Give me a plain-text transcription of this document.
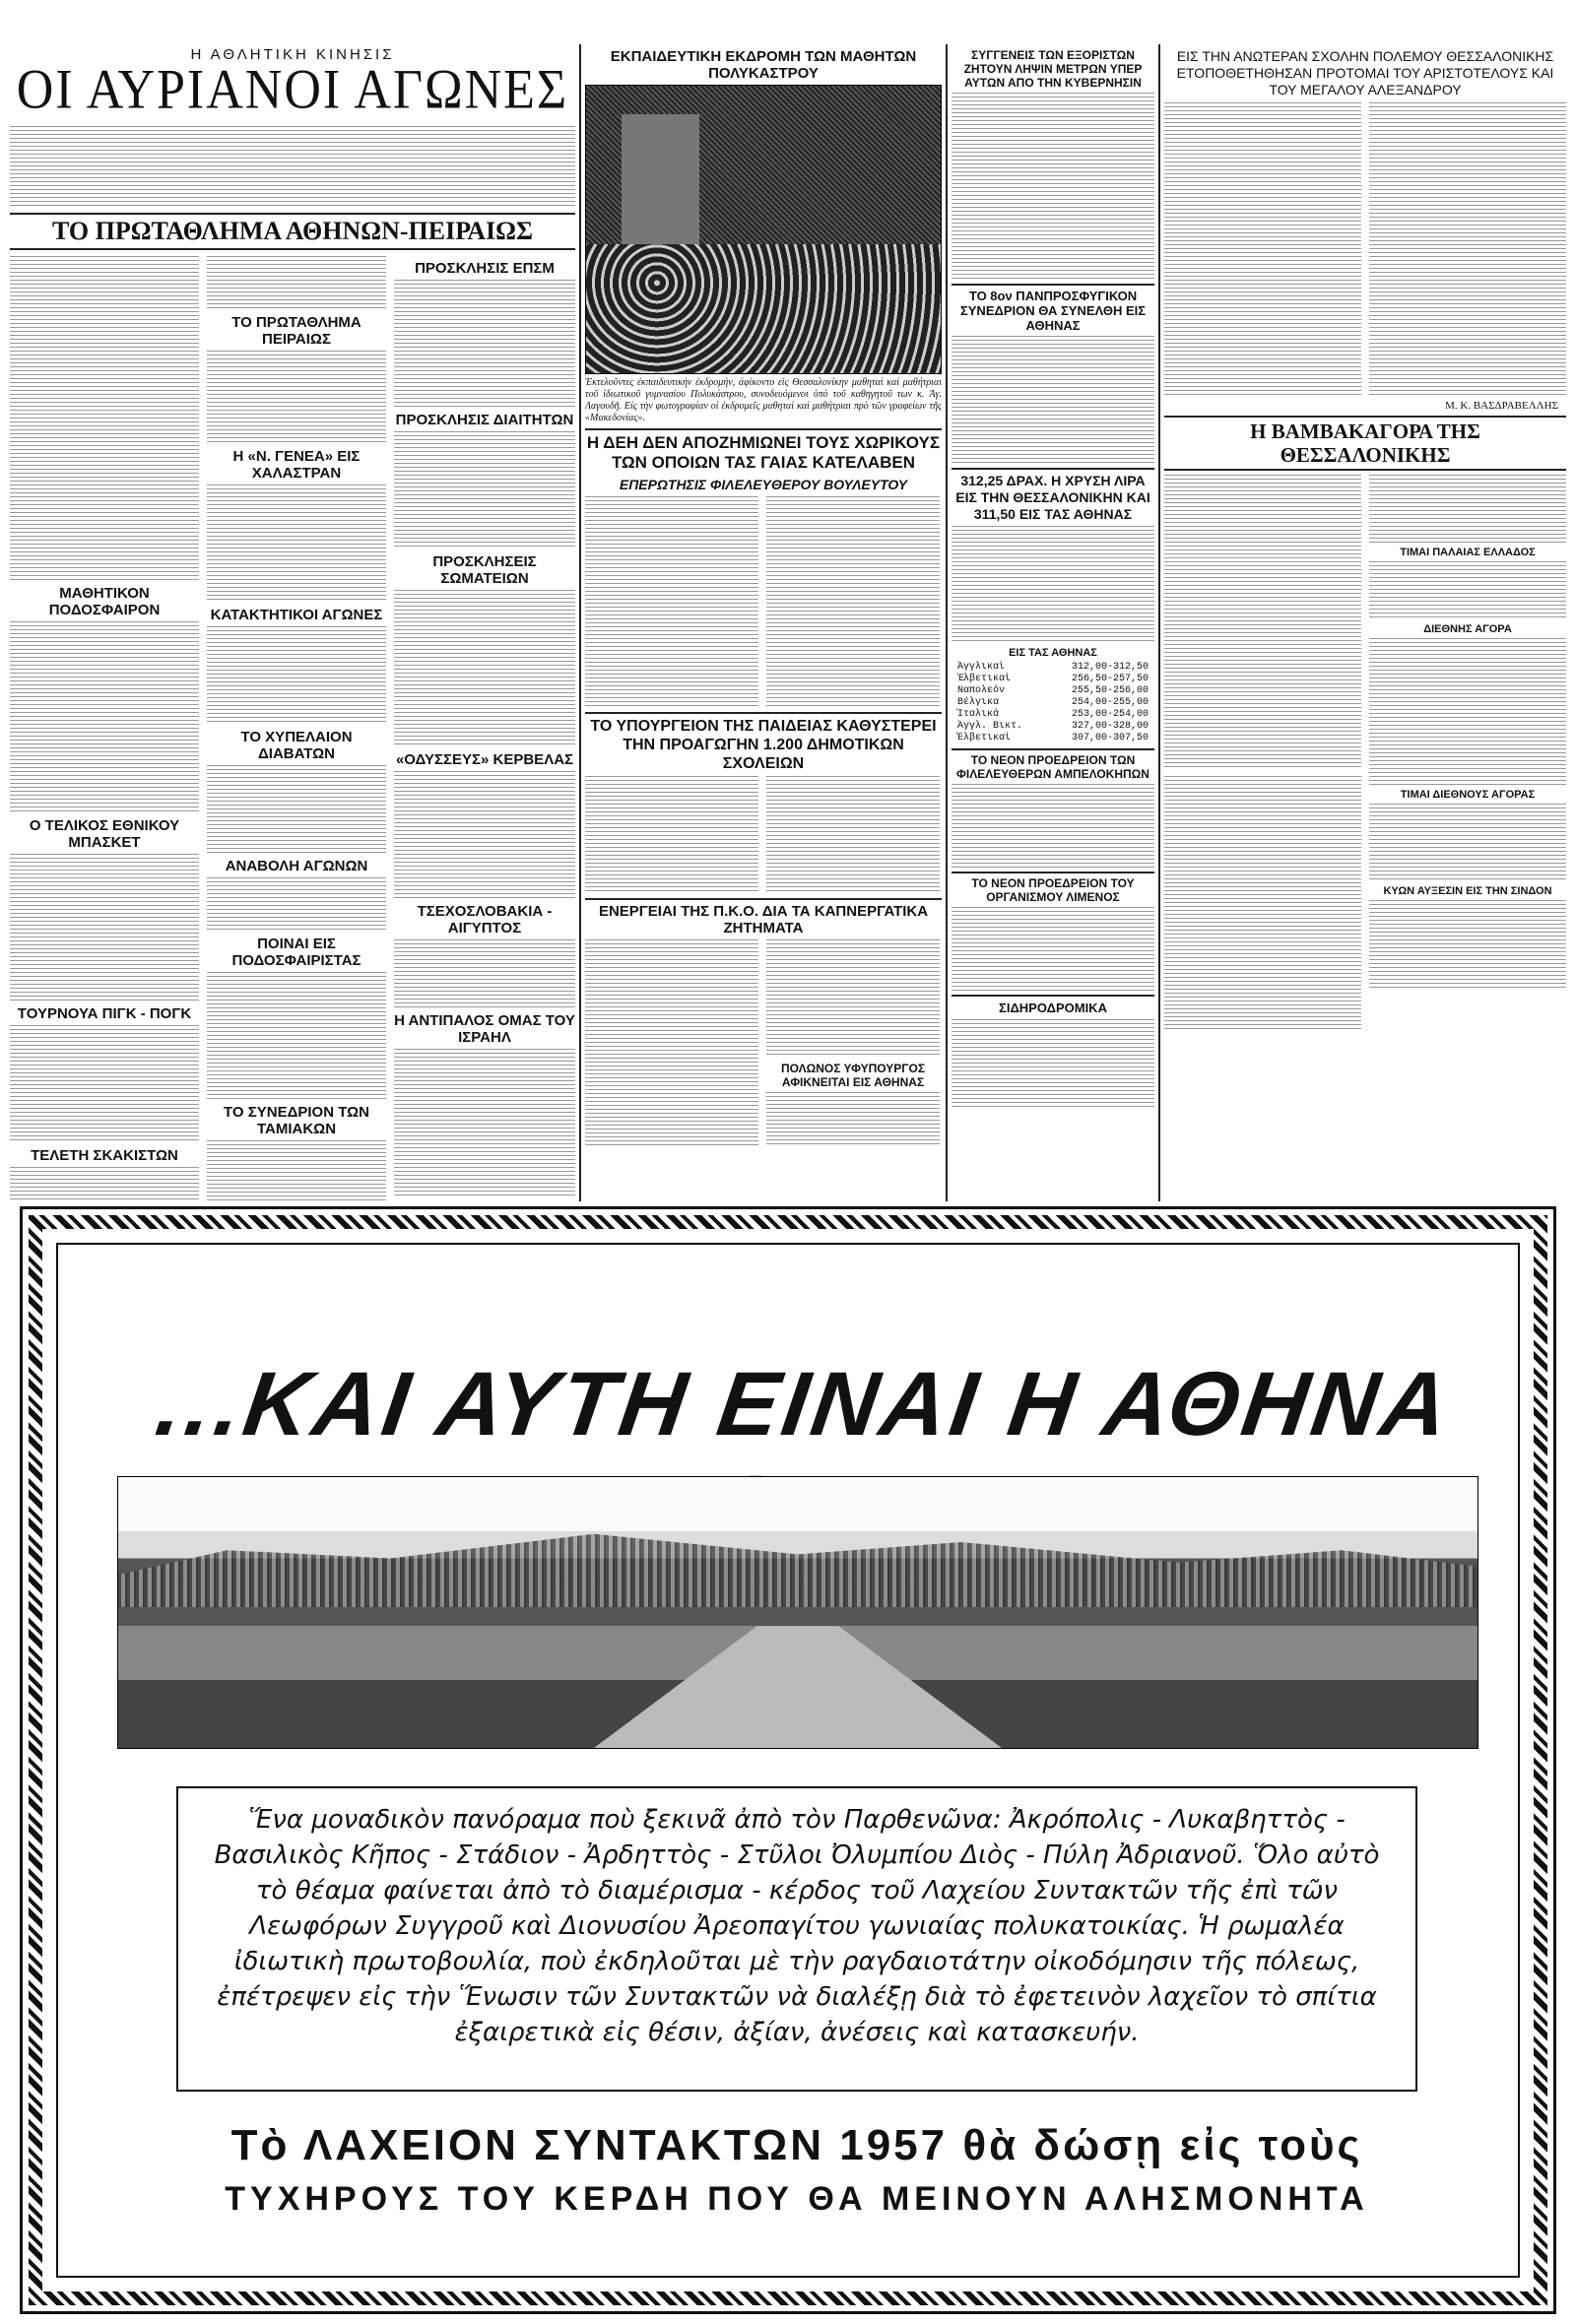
Η ΑΘΛΗΤΙΚΗ ΚΙΝΗΣΙΣ
ΟΙ ΑΥΡΙΑΝΟΙ ΑΓΩΝΕΣ
ΤΟ ΠΡΩΤΑΘΛΗΜΑ ΑΘΗΝΩΝ-ΠΕΙΡΑΙΩΣ
ΜΑΘΗΤΙΚΟΝ ΠΟΔΟΣΦΑΙΡΟΝ
Ο ΤΕΛΙΚΟΣ ΕΘΝΙΚΟΥ ΜΠΑΣΚΕΤ
ΤΟΥΡΝΟΥΑ ΠΙΓΚ - ΠΟΓΚ
ΤΕΛΕΤΗ ΣΚΑΚΙΣΤΩΝ
ΤΟ ΠΡΩΤΑΘΛΗΜΑ ΠΕΙΡΑΙΩΣ
Η «Ν. ΓΕΝΕΑ» ΕΙΣ ΧΑΛΑΣΤΡΑΝ
ΚΑΤΑΚΤΗΤΙΚΟΙ ΑΓΩΝΕΣ
ΤΟ ΧΥΠΕΛΑΙΟΝ ΔΙΑΒΑΤΩΝ
ΑΝΑΒΟΛΗ ΑΓΩΝΩΝ
ΠΟΙΝΑΙ ΕΙΣ ΠΟΔΟΣΦΑΙΡΙΣΤΑΣ
ΤΟ ΣΥΝΕΔΡΙΟΝ ΤΩΝ ΤΑΜΙΑΚΩΝ
ΠΡΟΣΚΛΗΣΙΣ ΕΠΣΜ
ΠΡΟΣΚΛΗΣΙΣ ΔΙΑΙΤΗΤΩΝ
ΠΡΟΣΚΛΗΣΕΙΣ ΣΩΜΑΤΕΙΩΝ
«ΟΔΥΣΣΕΥΣ» ΚΕΡΒΕΛΑΣ
ΤΣΕΧΟΣΛΟΒΑΚΙΑ - ΑΙΓΥΠΤΟΣ
Η ΑΝΤΙΠΑΛΟΣ ΟΜΑΣ ΤΟΥ ΙΣΡΑΗΛ
ΕΚΠΑΙΔΕΥΤΙΚΗ ΕΚΔΡΟΜΗ ΤΩΝ ΜΑΘΗΤΩΝ ΠΟΛΥΚΑΣΤΡΟΥ
Ἐκτελοῦντες ἐκπαιδευτικὴν ἐκδρομήν, ἀφίκοντο εἰς Θεσσαλονίκην μαθηταὶ καὶ μαθήτριαι τοῦ ἰδιωτικοῦ γυμνασίου Πολυκάστρου, συνοδευόμενοι ὑπὸ τοῦ καθηγητοῦ των κ. Ἀγ. Λαγουδῆ. Εἰς τὴν φωτογραφίαν οἱ ἐκδρομεῖς μαθηταὶ καὶ μαθήτριαι πρὸ τῶν γραφείων τῆς «Μακεδονίας».
Η ΔΕΗ ΔΕΝ ΑΠΟΖΗΜΙΩΝΕΙ ΤΟΥΣ ΧΩΡΙΚΟΥΣ ΤΩΝ ΟΠΟΙΩΝ ΤΑΣ ΓΑΙΑΣ ΚΑΤΕΛΑΒΕΝ
ΕΠΕΡΩΤΗΣΙΣ ΦΙΛΕΛΕΥΘΕΡΟΥ ΒΟΥΛΕΥΤΟΥ
ΤΟ ΥΠΟΥΡΓΕΙΟΝ ΤΗΣ ΠΑΙΔΕΙΑΣ ΚΑΘΥΣΤΕΡΕΙ ΤΗΝ ΠΡΟΑΓΩΓΗΝ 1.200 ΔΗΜΟΤΙΚΩΝ ΣΧΟΛΕΙΩΝ
ΕΝΕΡΓΕΙΑΙ ΤΗΣ Π.Κ.Ο. ΔΙΑ ΤΑ ΚΑΠΝΕΡΓΑΤΙΚΑ ΖΗΤΗΜΑΤΑ
ΠΟΛΩΝΟΣ ΥΦΥΠΟΥΡΓΟΣ ΑΦΙΚΝΕΙΤΑΙ ΕΙΣ ΑΘΗΝΑΣ
ΣΥΓΓΕΝΕΙΣ ΤΩΝ ΕΞΟΡΙΣΤΩΝ ΖΗΤΟΥΝ ΛΗΨΙΝ ΜΕΤΡΩΝ ΥΠΕΡ ΑΥΤΩΝ ΑΠΟ ΤΗΝ ΚΥΒΕΡΝΗΣΙΝ
ΤΟ 8ον ΠΑΝΠΡΟΣΦΥΓΙΚΟΝ ΣΥΝΕΔΡΙΟΝ ΘΑ ΣΥΝΕΛΘΗ ΕΙΣ ΑΘΗΝΑΣ
312,25 ΔΡΑΧ. Η ΧΡΥΣΗ ΛΙΡΑ ΕΙΣ ΤΗΝ ΘΕΣΣΑΛΟΝΙΚΗΝ ΚΑΙ 311,50 ΕΙΣ ΤΑΣ ΑΘΗΝΑΣ
ΕΙΣ ΤΑΣ ΑΘΗΝΑΣ
Ἀγγλικαὶ	312,00-312,50
Ἑλβετικαὶ	256,50-257,50
Ναπολεόν	255,50-256,00
Βέλγικα	254,00-255,00
Ἰταλικά	253,00-254,00
Ἀγγλ. Βικτ.	327,00-328,00
Ἐλβετικαὶ	307,00-307,50
ΤΟ ΝΕΟΝ ΠΡΟΕΔΡΕΙΟΝ ΤΩΝ ΦΙΛΕΛΕΥΘΕΡΩΝ ΑΜΠΕΛΟΚΗΠΩΝ
ΤΟ ΝΕΟΝ ΠΡΟΕΔΡΕΙΟΝ ΤΟΥ ΟΡΓΑΝΙΣΜΟΥ ΛΙΜΕΝΟΣ
ΣΙΔΗΡΟΔΡΟΜΙΚΑ
ΕΙΣ ΤΗΝ ΑΝΩΤΕΡΑΝ ΣΧΟΛΗΝ ΠΟΛΕΜΟΥ ΘΕΣΣΑΛΟΝΙΚΗΣ ΕΤΟΠΟΘΕΤΗΘΗΣΑΝ ΠΡΟΤΟΜΑΙ ΤΟΥ ΑΡΙΣΤΟΤΕΛΟΥΣ ΚΑΙ ΤΟΥ ΜΕΓΑΛΟΥ ΑΛΕΞΑΝΔΡΟΥ
Μ. Κ. ΒΑΣΔΡΑΒΕΛΛΗΣ
Η ΒΑΜΒΑΚΑΓΟΡΑ ΤΗΣ ΘΕΣΣΑΛΟΝΙΚΗΣ
ΤΙΜΑΙ ΠΑΛΑΙΑΣ ΕΛΛΑΔΟΣ
ΔΙΕΘΝΗΣ ΑΓΟΡΑ
ΤΙΜΑΙ ΔΙΕΘΝΟΥΣ ΑΓΟΡΑΣ
ΚΥΩΝ ΑΥΞΕΣΙΝ ΕΙΣ ΤΗΝ ΣΙΝΔΟΝ
...ΚΑΙ ΑΥΤΗ ΕΙΝΑΙ Η ΑΘΗΝΑ

Ἕνα μοναδικὸν πανόραμα ποὺ ξεκινᾶ ἀπὸ τὸν Παρθενῶνα: Ἀκρόπολις - Λυκαβηττὸς - Βασιλικὸς Κῆπος - Στάδιον - Ἀρδηττὸς - Στῦλοι Ὀλυμπίου Διὸς - Πύλη Ἀδριανοῦ. Ὅλο αὐτὸ τὸ θέαμα φαίνεται ἀπὸ τὸ διαμέρισμα - κέρδος τοῦ Λαχείου Συντακτῶν τῆς ἐπὶ τῶν Λεωφόρων Συγγροῦ καὶ Διονυσίου Ἀρεοπαγίτου γωνιαίας πολυκατοικίας. Ἡ ρωμαλέα ἰδιωτικὴ πρωτοβουλία, ποὺ ἐκδηλοῦται μὲ τὴν ραγδαιοτάτην οἰκοδόμησιν τῆς πόλεως, ἐπέτρεψεν εἰς τὴν Ἕνωσιν τῶν Συντακτῶν νὰ διαλέξῃ διὰ τὸ ἐφετεινὸν λαχεῖον τὸ σπίτια ἐξαιρετικὰ εἰς θέσιν, ἀξίαν, ἀνέσεις καὶ κατασκευήν.

Τὸ ΛΑΧΕΙΟΝ ΣΥΝΤΑΚΤΩΝ 1957 θὰ δώσῃ εἰς τοὺς
ΤΥΧΗΡΟΥΣ ΤΟΥ ΚΕΡΔΗ ΠΟΥ ΘΑ ΜΕΙΝΟΥΝ ΑΛΗΣΜΟΝΗΤΑ
